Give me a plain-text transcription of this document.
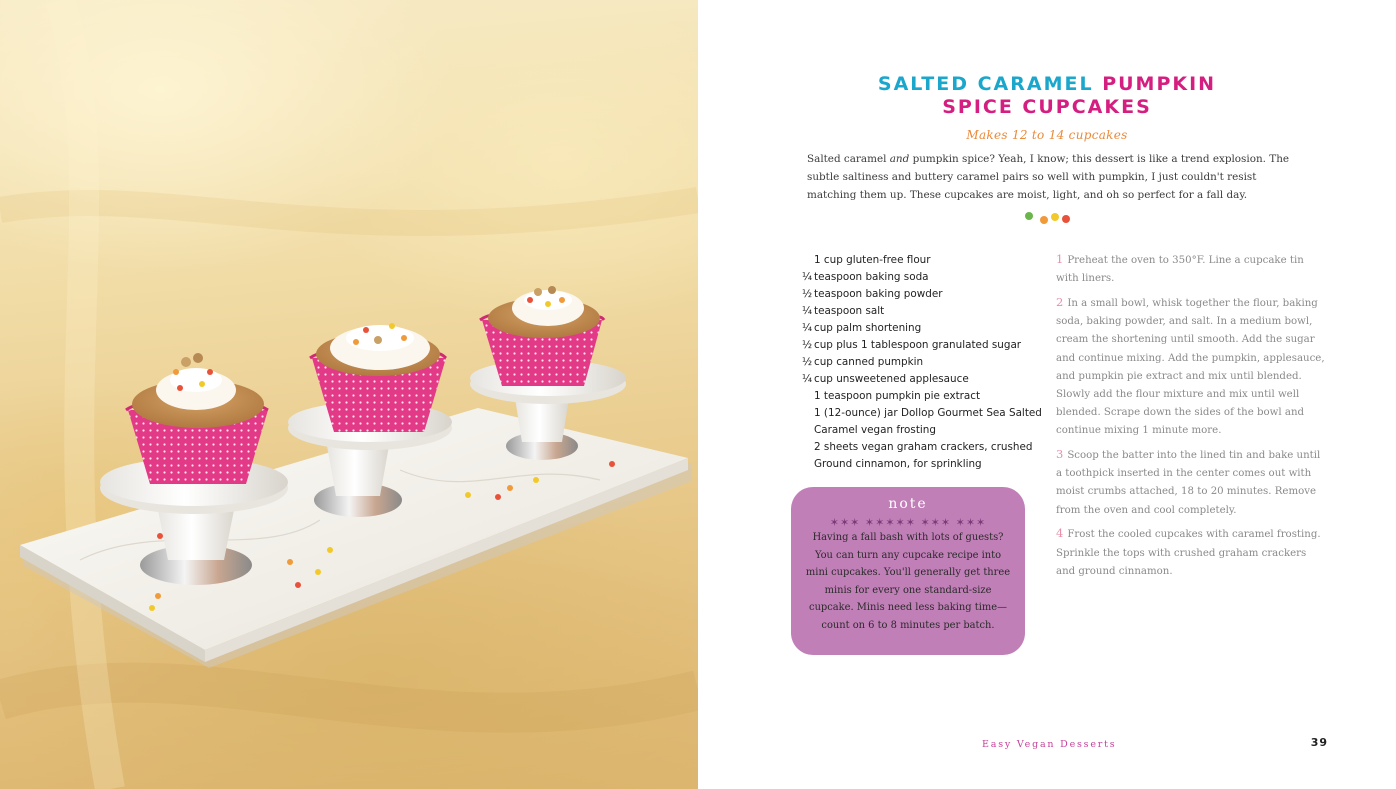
SALTED CARAMEL PUMPKIN
SPICE CUPCAKES
Makes 12 to 14 cupcakes

Salted caramel and pumpkin spice? Yeah, I know; this dessert is like a trend explosion. The subtle saltiness and buttery caramel pairs so well with pumpkin, I just couldn't resist matching them up. These cupcakes are moist, light, and oh so perfect for a fall day.

1 cup gluten-free flour
¼ teaspoon baking soda
½ teaspoon baking powder
¼ teaspoon salt
¼ cup palm shortening
½ cup plus 1 tablespoon granulated sugar
½ cup canned pumpkin
¼ cup unsweetened applesauce
1 teaspoon pumpkin pie extract
1 (12-ounce) jar Dollop Gourmet Sea Salted Caramel vegan frosting
2 sheets vegan graham crackers, crushed
Ground cinnamon, for sprinkling
note
✶✶✶ ✶✶✶✶✶ ✶✶✶ ✶✶✶

Having a fall bash with lots of guests? You can turn any cupcake recipe into mini cupcakes. You'll generally get three minis for every one standard-size cupcake. Minis need less baking time—count on 6 to 8 minutes per batch.

1 Preheat the oven to 350°F. Line a cupcake tin with liners.
2 In a small bowl, whisk together the flour, baking soda, baking powder, and salt. In a medium bowl, cream the shortening until smooth. Add the sugar and continue mixing. Add the pumpkin, applesauce, and pumpkin pie extract and mix until blended. Slowly add the flour mixture and mix until well blended. Scrape down the sides of the bowl and continue mixing 1 minute more.
3 Scoop the batter into the lined tin and bake until a toothpick inserted in the center comes out with moist crumbs attached, 18 to 20 minutes. Remove from the oven and cool completely.
4 Frost the cooled cupcakes with caramel frosting. Sprinkle the tops with crushed graham crackers and ground cinnamon.
Easy Vegan Desserts	39
